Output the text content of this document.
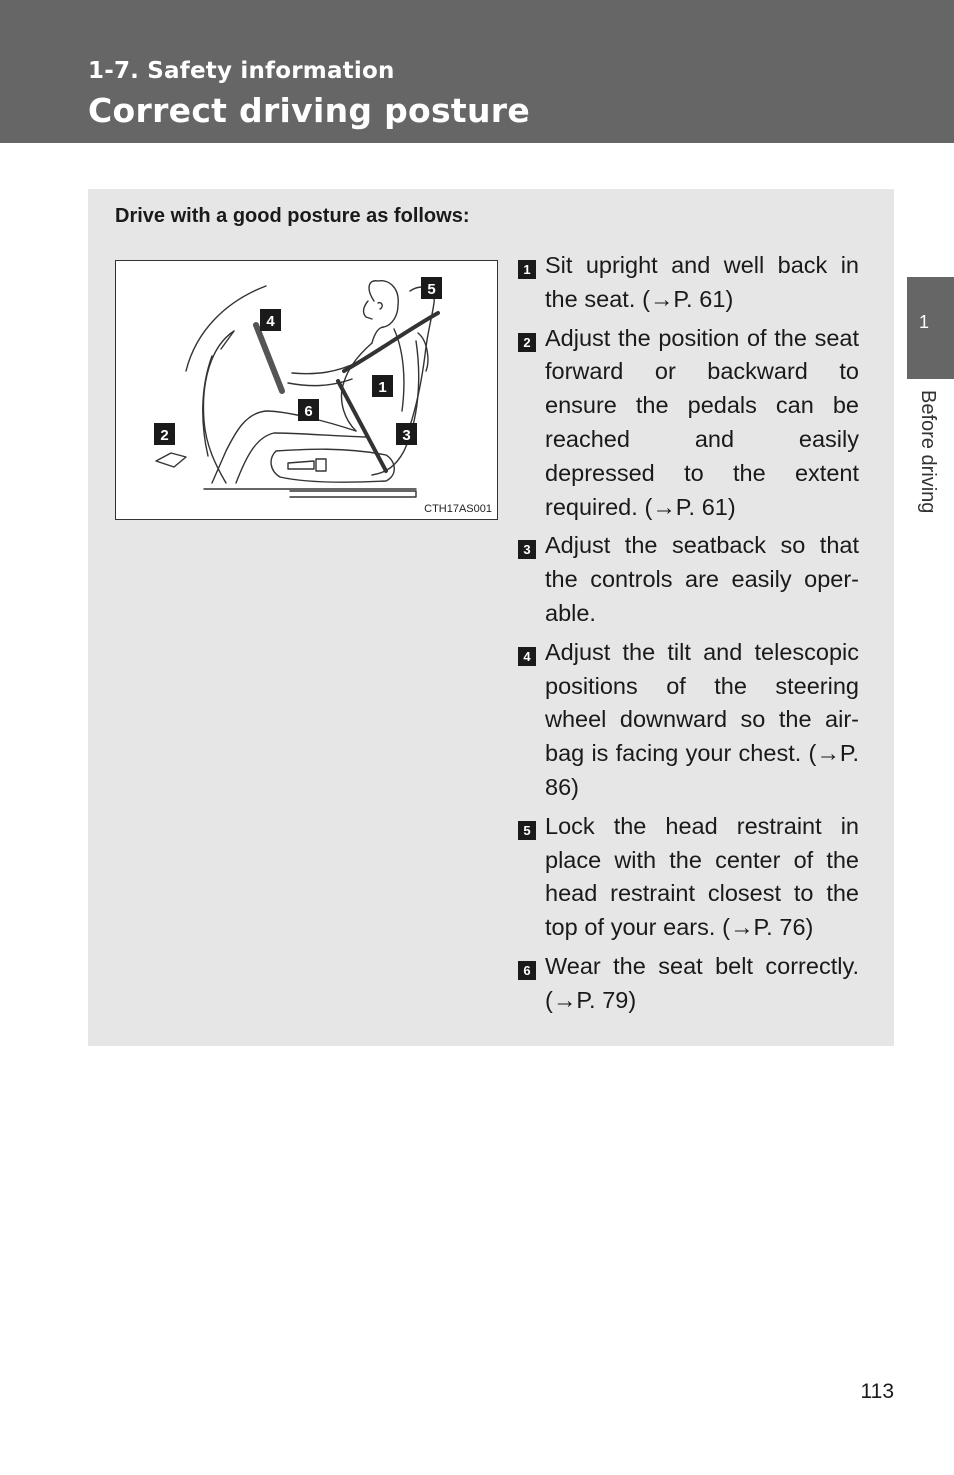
1-7. Safety information
Correct driving posture
1
Before driving
Drive with a good posture as follows:
1
2	3
4
5
6
CTH17AS001
1 Sit upright and well back in the seat. (→P. 61)
2 Adjust the position of the seat forward or backward to ensure the pedals can be reached and easily depressed to the extent required. (→P. 61)
3 Adjust the seatback so that the controls are easily operable.
4 Adjust the tilt and telescopic positions of the steering wheel downward so the airbag is facing your chest. (→P. 86)
5 Lock the head restraint in place with the center of the head restraint closest to the top of your ears. (→P. 76)
6 Wear the seat belt correctly. (→P. 79)
113
